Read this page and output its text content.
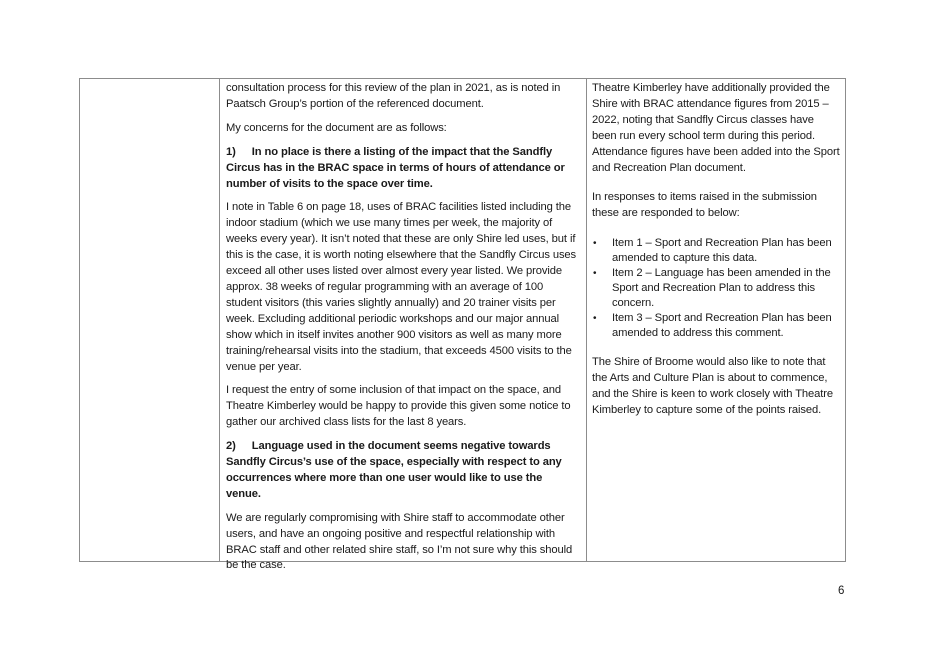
consultation process for this review of the plan in 2021, as is noted in Paatsch Group’s portion of the referenced document.

My concerns for the document are as follows:

1) In no place is there a listing of the impact that the Sandfly Circus has in the BRAC space in terms of hours of attendance or number of visits to the space over time.

I note in Table 6 on page 18, uses of BRAC facilities listed including the indoor stadium (which we use many times per week, the majority of weeks every year). It isn’t noted that these are only Shire led uses, but if this is the case, it is worth noting elsewhere that the Sandfly Circus uses exceed all other uses listed over almost every year listed. We provide approx. 38 weeks of regular programming with an average of 100 student visitors (this varies slightly annually) and 20 trainer visits per week. Excluding additional periodic workshops and our major annual show which in itself invites another 900 visitors as well as many more training/rehearsal visits into the stadium, that exceeds 4500 visits to the venue per year.

I request the entry of some inclusion of that impact on the space, and Theatre Kimberley would be happy to provide this given some notice to gather our archived class lists for the last 8 years.

2) Language used in the document seems negative towards Sandfly Circus’s use of the space, especially with respect to any occurrences where more than one user would like to use the venue.

We are regularly compromising with Shire staff to accommodate other users, and have an ongoing positive and respectful relationship with BRAC staff and other related shire staff, so I’m not sure why this should be the case.

Theatre Kimberley have additionally provided the Shire with BRAC attendance figures from 2015 – 2022, noting that Sandfly Circus classes have been run every school term during this period. Attendance figures have been added into the Sport and Recreation Plan document.

In responses to items raised in the submission these are responded to below:

• Item 1 – Sport and Recreation Plan has been amended to capture this data.
• Item 2 – Language has been amended in the Sport and Recreation Plan to address this concern.
• Item 3 – Sport and Recreation Plan has been amended to address this comment.

The Shire of Broome would also like to note that the Arts and Culture Plan is about to commence, and the Shire is keen to work closely with Theatre Kimberley to capture some of the points raised.

6
